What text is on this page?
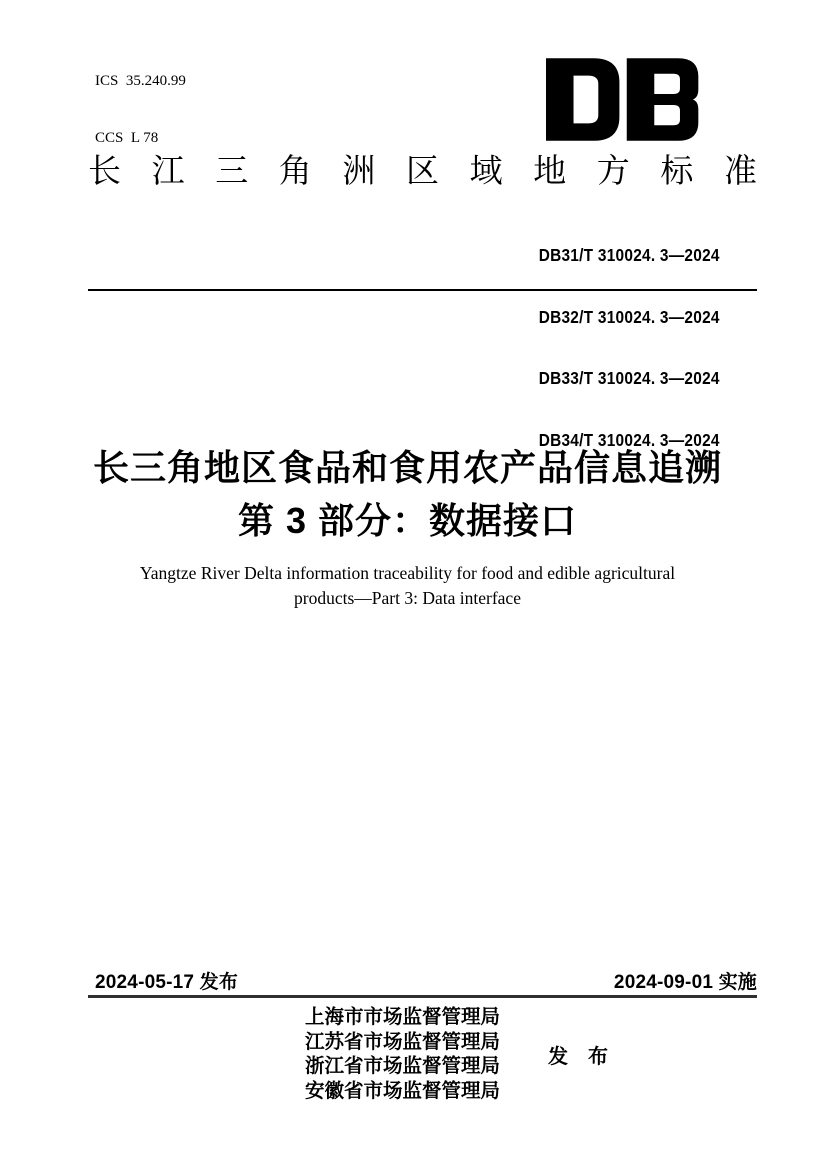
ICS  35.240.99

CCS  L 78

长 江 三 角 洲 区 域 地 方 标 准

DB31/T 310024. 3—2024

DB32/T 310024. 3—2024

DB33/T 310024. 3—2024

DB34/T 310024. 3—2024

长三角地区食品和食用农产品信息追溯
第 3 部分：数据接口
Yangtze River Delta information traceability for food and edible agricultural
products—Part 3: Data interface
2024-05-17 发布	2024-09-01 实施
上海市市场监督管理局
江苏省市场监督管理局
浙江省市场监督管理局
安徽省市场监督管理局
发　布
